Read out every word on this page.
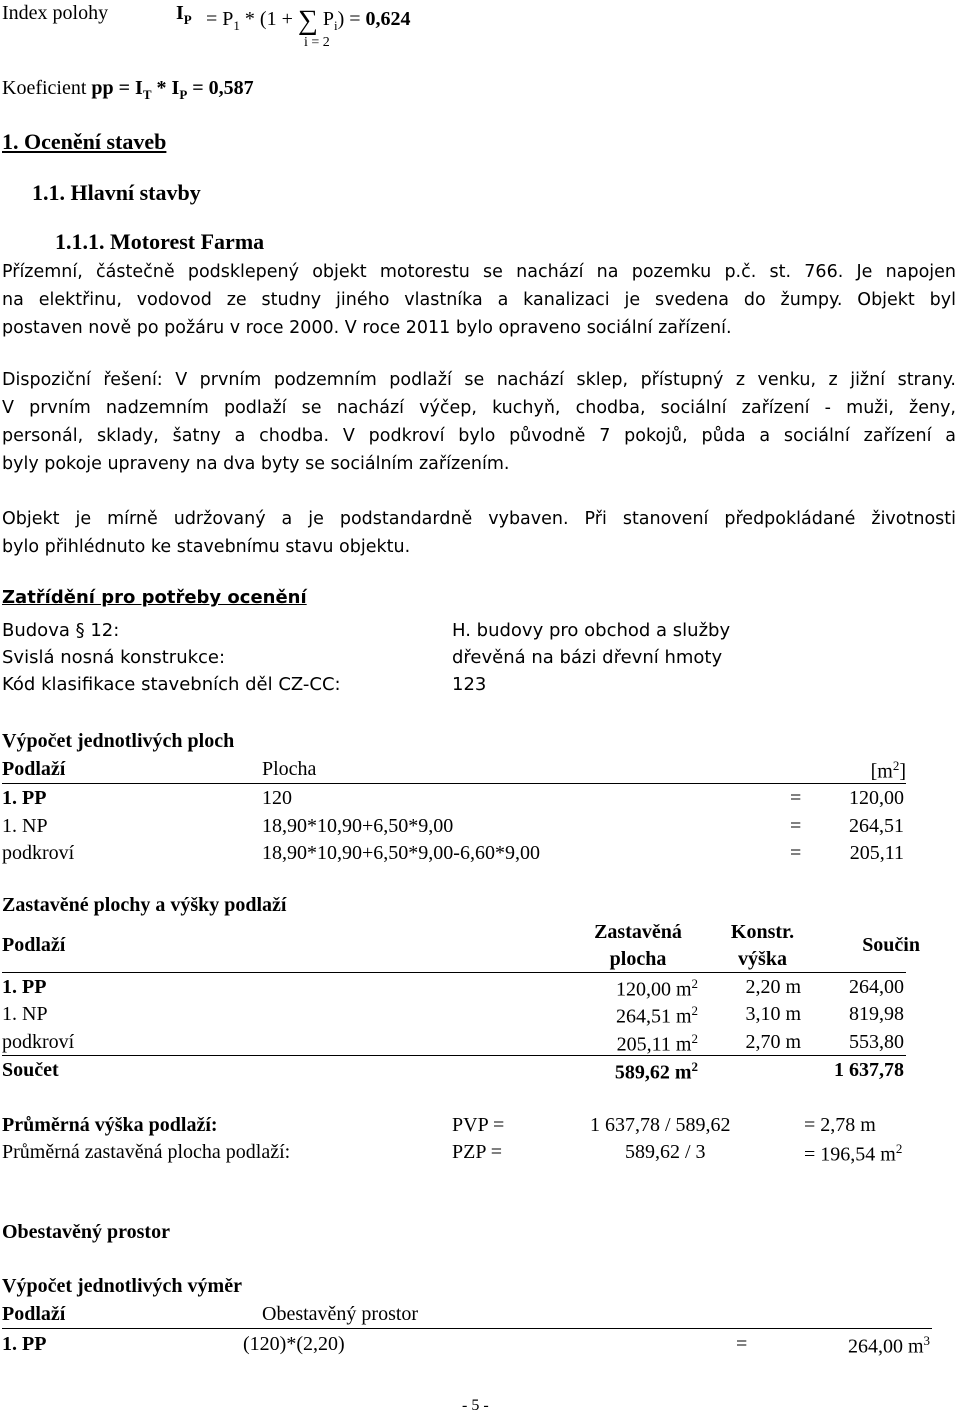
Index polohy	$I_P = P_1 * (1$ + ∑ $P_i) = 0,624$
i = 2
Koeficient pp = $I_T * I_P = 0,587$
1. Ocenění staveb
1.1. Hlavní stavby
1.1.1. Motorest Farma
Přízemní, částečně podsklepený objekt motorestu se nachází na pozemku p.č. st. 766. Je napojen
na elektřinu, vodovod ze studny jiného vlastníka a kanalizaci je svedena do žumpy. Objekt byl
postaven nově po požáru v roce 2000. V roce 2011 bylo opraveno sociální zařízení.
Dispoziční řešení: V prvním podzemním podlaží se nachází sklep, přístupný z venku, z jižní strany.
V prvním nadzemním podlaží se nachází výčep, kuchyň, chodba, sociální zařízení - muži, ženy,
personál, sklady, šatny a chodba. V podkroví bylo původně 7 pokojů, půda a sociální zařízení a
byly pokoje upraveny na dva byty se sociálním zařízením.
Objekt je mírně udržovaný a je podstandardně vybaven. Při stanovení předpokládané životnosti
bylo přihlédnuto ke stavebnímu stavu objektu.
Zatřídění pro potřeby ocenění
Budova § 12:	H. budovy pro obchod a služby
Svislá nosná konstrukce:	dřevěná na bázi dřevní hmoty
Kód klasifikace stavebních děl CZ-CC:	123
Výpočet jednotlivých ploch
Podlaží	Plocha	$[m^2]$
1. PP	120	= 120,00
1. NP	18,90*10,90+6,50*9,00	= 264,51
podkroví	18,90*10,90+6,50*9,00-6,60*9,00	= 205,11
Zastavěné plochy a výšky podlaží
Podlaží
Zastavěná
plocha
Konstr.
výška
Součin
1. PP	120,00 $m^2$ 2,20 m 264,00
1. NP	264,51 $m^2$ 3,10 m 819,98
podkroví	205,11 $m^2$ 2,70 m 553,80
Součet	589,62 $m^2$	1 637,78
Průměrná výška podlaží:	PVP =	1 637,78 / 589,62	= 2,78 m
Průměrná zastavěná plocha podlaží:	PZP =	589,62 / 3	= 196,54 $m^2$
Obestavěný prostor
Výpočet jednotlivých výměr
Podlaží	Obestavěný prostor
1. PP	(120)*(2,20)	=	264,00 $m^3$
- 5 -
